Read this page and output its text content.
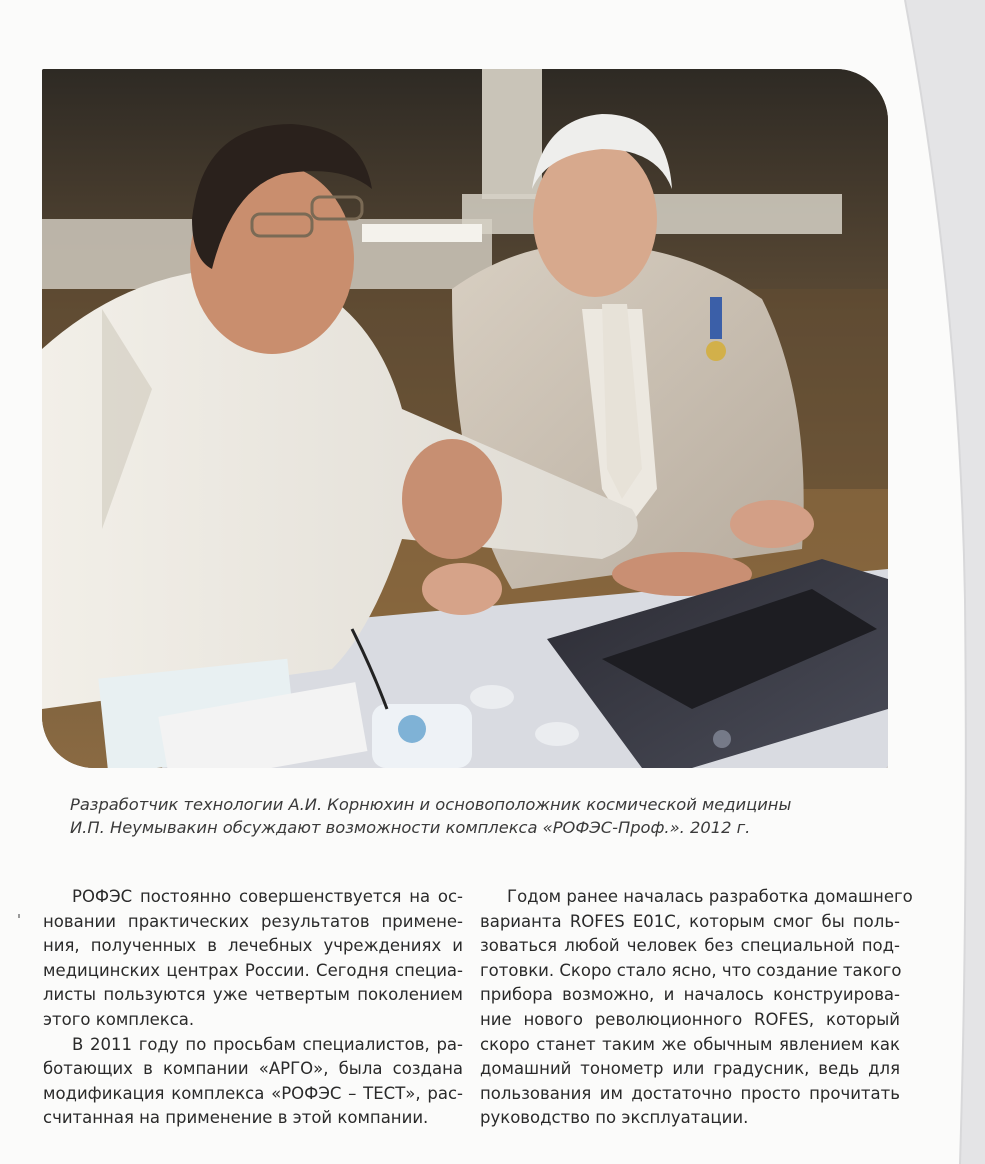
Разработчик технологии А.И. Корнюхин и основоположник космической медицины
И.П. Неумывакин обсуждают возможности комплекса «РОФЭС-Проф.». 2012 г.
РОФЭС постоянно совершенствуется на ос-
новании практических результатов примене-
ния, полученных в лечебных учреждениях и
медицинских центрах России. Сегодня специа-
листы пользуются уже четвертым поколением
этого комплекса.
В 2011 году по просьбам специалистов, ра-
ботающих в компании «АРГО», была создана
модификация комплекса «РОФЭС – ТЕСТ», рас-
считанная на применение в этой компании.
Годом ранее началась разработка домашнего
варианта ROFES E01C, которым смог бы поль-
зоваться любой человек без специальной под-
готовки. Скоро стало ясно, что создание такого
прибора возможно, и началось конструирова-
ние нового революционного ROFES, который
скоро станет таким же обычным явлением как
домашний тонометр или градусник, ведь для
пользования им достаточно просто прочитать
руководство по эксплуатации.
